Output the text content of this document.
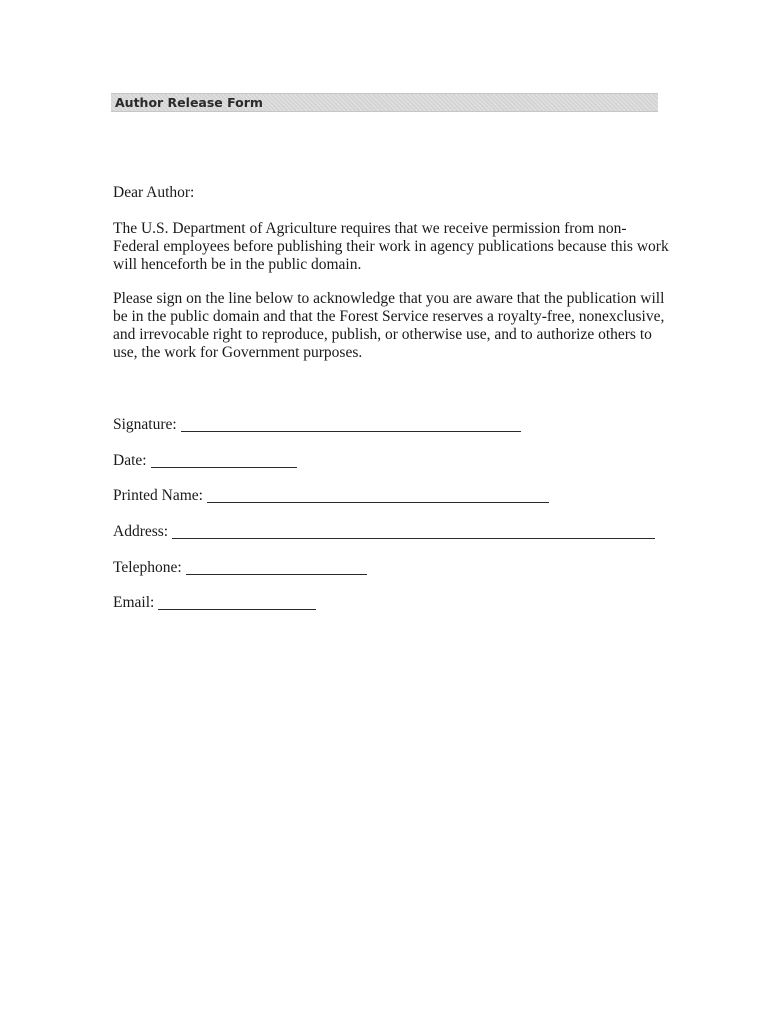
Author Release Form
Dear Author:
The U.S. Department of Agriculture requires that we receive permission from non-
Federal employees before publishing their work in agency publications because this work
will henceforth be in the public domain.
Please sign on the line below to acknowledge that you are aware that the publication will
be in the public domain and that the Forest Service reserves a royalty-free, nonexclusive,
and irrevocable right to reproduce, publish, or otherwise use, and to authorize others to
use, the work for Government purposes.
Signature:
Date:
Printed Name:
Address:
Telephone:
Email:
